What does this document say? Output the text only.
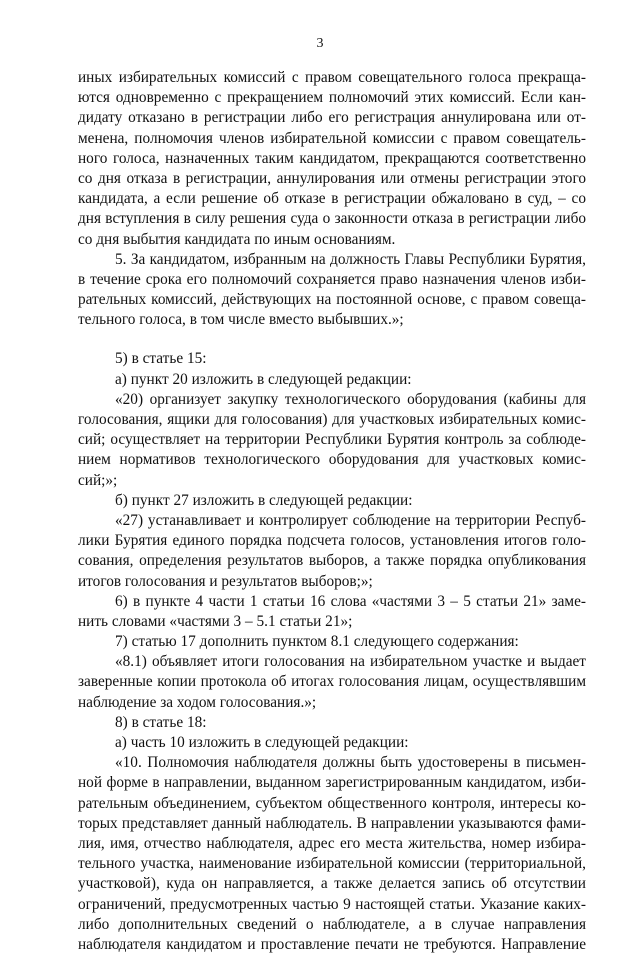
3
иных избирательных комиссий с правом совещательного голоса прекраща-
ются одновременно с прекращением полномочий этих комиссий. Если кан-
дидату отказано в регистрации либо его регистрация аннулирована или от-
менена, полномочия членов избирательной комиссии с правом совещатель-
ного голоса, назначенных таким кандидатом, прекращаются соответственно
со дня отказа в регистрации, аннулирования или отмены регистрации этого
кандидата, а если решение об отказе в регистрации обжаловано в суд, – со
дня вступления в силу решения суда о законности отказа в регистрации либо
со дня выбытия кандидата по иным основаниям.
5. За кандидатом, избранным на должность Главы Республики Бурятия,
в течение срока его полномочий сохраняется право назначения членов изби-
рательных комиссий, действующих на постоянной основе, с правом совеща-
тельного голоса, в том числе вместо выбывших.»;
5) в статье 15:
а) пункт 20 изложить в следующей редакции:
«20) организует закупку технологического оборудования (кабины для
голосования, ящики для голосования) для участковых избирательных комис-
сий; осуществляет на территории Республики Бурятия контроль за соблюде-
нием нормативов технологического оборудования для участковых комис-
сий;»;
б) пункт 27 изложить в следующей редакции:
«27) устанавливает и контролирует соблюдение на территории Респуб-
лики Бурятия единого порядка подсчета голосов, установления итогов голо-
сования, определения результатов выборов, а также порядка опубликования
итогов голосования и результатов выборов;»;
6) в пункте 4 части 1 статьи 16 слова «частями 3 – 5 статьи 21» заме-
нить словами «частями 3 – 5.1 статьи 21»;
7) статью 17 дополнить пунктом 8.1 следующего содержания:
«8.1) объявляет итоги голосования на избирательном участке и выдает
заверенные копии протокола об итогах голосования лицам, осуществлявшим
наблюдение за ходом голосования.»;
8) в статье 18:
а) часть 10 изложить в следующей редакции:
«10. Полномочия наблюдателя должны быть удостоверены в письмен-
ной форме в направлении, выданном зарегистрированным кандидатом, изби-
рательным объединением, субъектом общественного контроля, интересы ко-
торых представляет данный наблюдатель. В направлении указываются фами-
лия, имя, отчество наблюдателя, адрес его места жительства, номер избира-
тельного участка, наименование избирательной комиссии (территориальной,
участковой), куда он направляется, а также делается запись об отсутствии
ограничений, предусмотренных частью 9 настоящей статьи. Указание каких-
либо дополнительных сведений о наблюдателе, а в случае направления
наблюдателя кандидатом и проставление печати не требуются. Направление
